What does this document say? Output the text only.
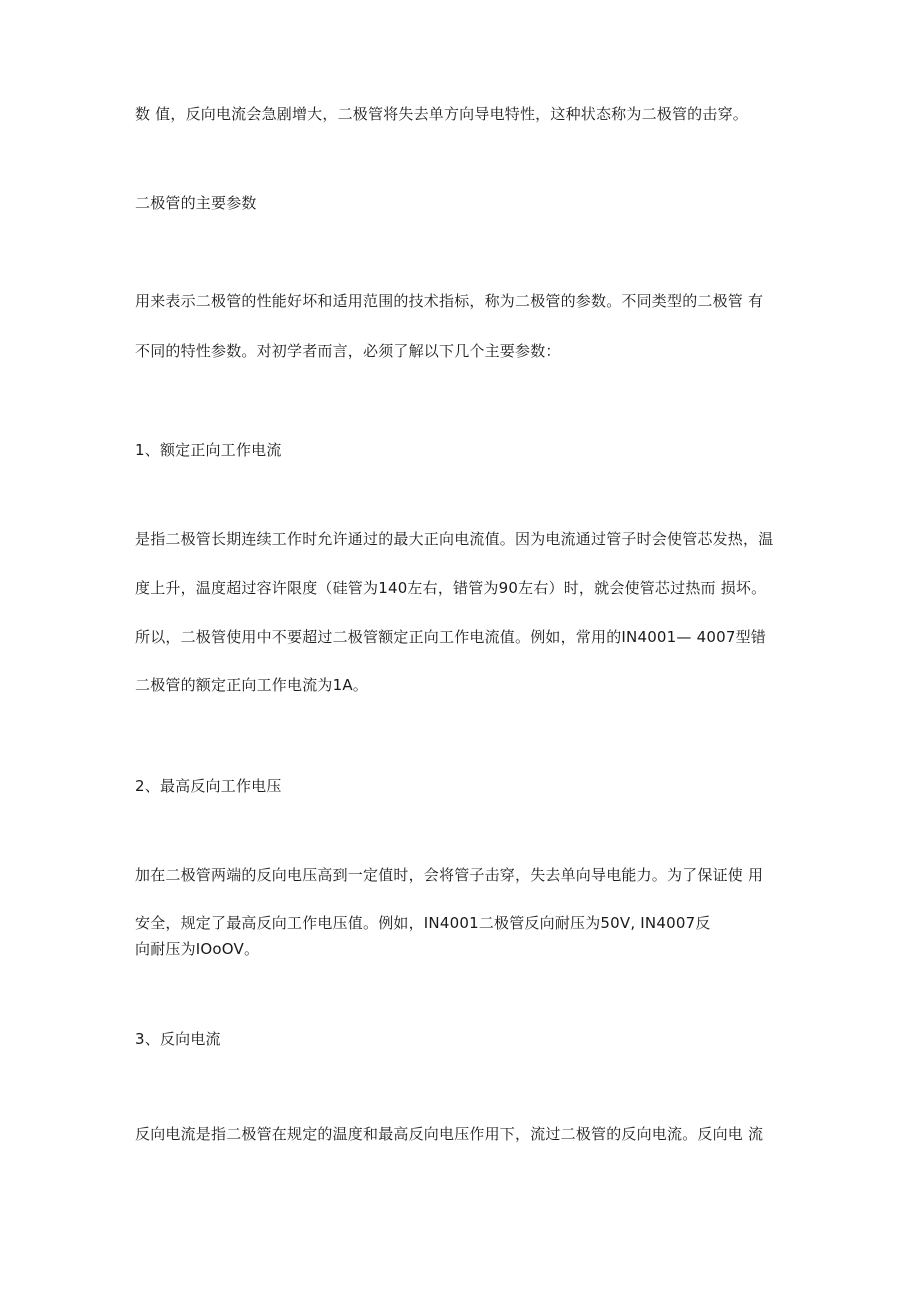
数 值，反向电流会急剧增大，二极管将失去单方向导电特性，这种状态称为二极管的击穿。
二极管的主要参数
用来表示二极管的性能好坏和适用范围的技术指标，称为二极管的参数。不同类型的二极管 有
不同的特性参数。对初学者而言，必须了解以下几个主要参数：
1、额定正向工作电流
是指二极管长期连续工作时允许通过的最大正向电流值。因为电流通过管子时会使管芯发热，温
度上升，温度超过容许限度（硅管为140左右，错管为90左右）时，就会使管芯过热而 损坏。
所以，二极管使用中不要超过二极管额定正向工作电流值。例如，常用的IN4001— 4007型错
二极管的额定正向工作电流为1A。
2、最高反向工作电压
加在二极管两端的反向电压高到一定值时，会将管子击穿，失去单向导电能力。为了保证使 用
安全，规定了最高反向工作电压值。例如，IN4001二极管反向耐压为50V, IN4007反
向耐压为IOoOV。
3、反向电流
反向电流是指二极管在规定的温度和最高反向电压作用下，流过二极管的反向电流。反向电 流
